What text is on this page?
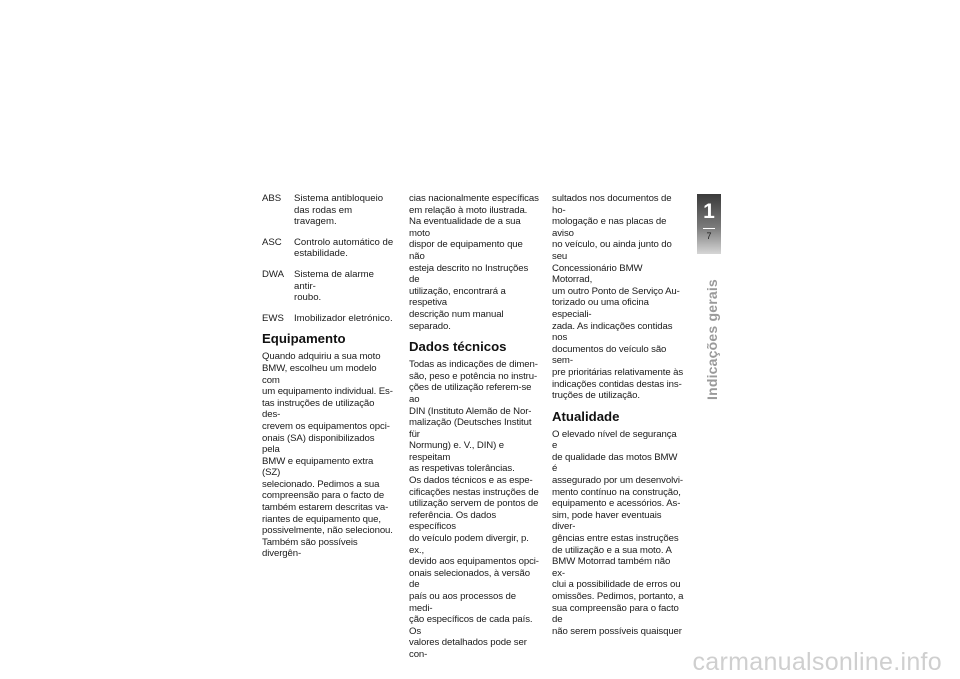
ABS	Sistema antibloqueio
das rodas em travagem.
ASC	Controlo automático de
estabilidade.
DWA	Sistema de alarme antir-
roubo.
EWS	Imobilizador eletrónico.
Equipamento

Quando adquiriu a sua moto
BMW, escolheu um modelo com
um equipamento individual. Es-
tas instruções de utilização des-
crevem os equipamentos opci-
onais (SA) disponibilizados pela
BMW e equipamento extra (SZ)
selecionado. Pedimos a sua
compreensão para o facto de
também estarem descritas va-
riantes de equipamento que,
possivelmente, não selecionou.
Também são possíveis divergên-

cias nacionalmente específicas
em relação à moto ilustrada.
Na eventualidade de a sua moto
dispor de equipamento que não
esteja descrito no Instruções de
utilização, encontrará a respetiva
descrição num manual separado.

Dados técnicos

Todas as indicações de dimen-
são, peso e potência no instru-
ções de utilização referem-se ao
DIN (Instituto Alemão de Nor-
malização (Deutsches Institut für
Normung) e. V., DIN) e respeitam
as respetivas tolerâncias.

Os dados técnicos e as espe-
cificações nestas instruções de
utilização servem de pontos de
referência. Os dados específicos
do veículo podem divergir, p. ex.,
devido aos equipamentos opci-
onais selecionados, à versão de
país ou aos processos de medi-
ção específicos de cada país. Os
valores detalhados pode ser con-

sultados nos documentos de ho-
mologação e nas placas de aviso
no veículo, ou ainda junto do seu
Concessionário BMW Motorrad,
um outro Ponto de Serviço Au-
torizado ou uma oficina especiali-
zada. As indicações contidas nos
documentos do veículo são sem-
pre prioritárias relativamente às
indicações contidas destas ins-
truções de utilização.

Atualidade

O elevado nível de segurança e
de qualidade das motos BMW é
assegurado por um desenvolvi-
mento contínuo na construção,
equipamento e acessórios. As-
sim, pode haver eventuais diver-
gências entre estas instruções
de utilização e a sua moto. A
BMW Motorrad também não ex-
clui a possibilidade de erros ou
omissões. Pedimos, portanto, a
sua compreensão para o facto de
não serem possíveis quaisquer

1
7
Indicações gerais
carmanualsonline.info
